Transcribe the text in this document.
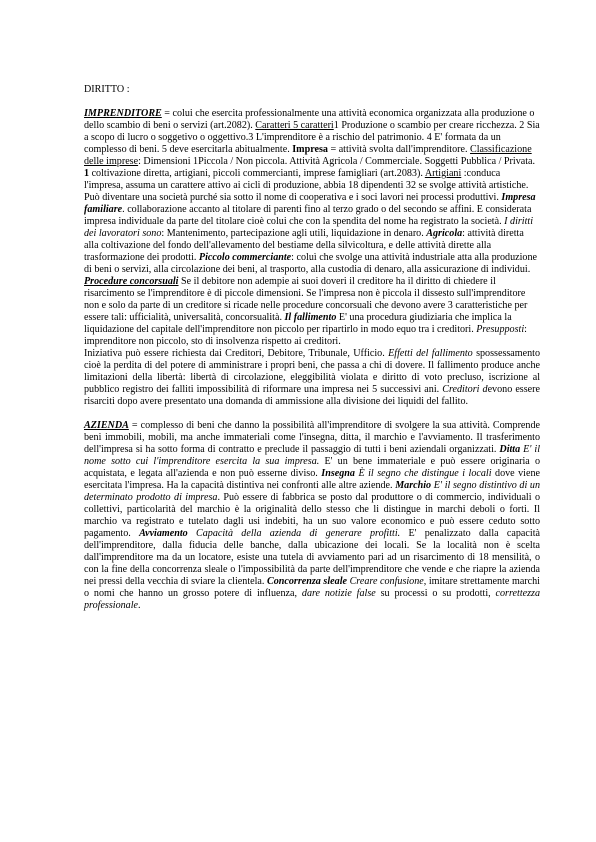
DIRITTO :

IMPRENDITORE = colui che esercita professionalmente una attività economica organizzata alla produzione o dello scambio di beni o servizi (art.2082). Caratteri 5 caratteri1 Produzione o scambio per creare ricchezza. 2 Sia a scopo di lucro o soggetivo o oggettivo.3 L'imprenditore è a rischio del patrimonio. 4 E' formata da un complesso di beni. 5 deve esercitarla abitualmente. Impresa = attività svolta dall'imprenditore. Classificazione delle imprese: Dimensioni 1Piccola / Non piccola. Attività Agricola / Commerciale. Soggetti Pubblica / Privata. 1 coltivazione diretta, artigiani, piccoli commercianti, imprese famigliari (art.2083). Artigiani :conduca l'impresa, assuma un carattere attivo ai cicli di produzione, abbia 18 dipendenti 32 se svolge attività artistiche. Può diventare una società purché sia sotto il nome di cooperativa e i soci lavori nei processi produttivi. Impresa familiare. collaborazione accanto al titolare di parenti fino al terzo grado o del secondo se affini. E considerata impresa individuale da parte del titolare cioè colui che con la spendita del nome ha registrato la società. I diritti dei lavoratori sono: Mantenimento, partecipazione agli utili, liquidazione in denaro. Agricola: attività diretta alla coltivazione del fondo dell'allevamento del bestiame della silvicoltura, e delle attività dirette alla trasformazione dei prodotti. Piccolo commerciante: coluì che svolge una attività industriale atta alla produzione di beni o servizi, alla circolazione dei beni, al trasporto, alla custodia di denaro, alla assicurazione di individui. Procedure concorsuali Se il debitore non adempie ai suoi doveri il creditore ha il diritto di chiedere il risarcimento se l'imprenditore è di piccole dimensioni. Se l'impresa non è piccola il dissesto sull'imprenditore non e solo da parte di un creditore si ricade nelle procedure concorsuali che devono avere 3 caratteristiche per essere tali: ufficialità, universalità, concorsualità. Il fallimento E' una procedura giudiziaria che implica la liquidazione del capitale dell'imprenditore non piccolo per ripartirlo in modo equo tra i creditori. Presupposti: imprenditore non piccolo, sto di insolvenza rispetto ai creditori.

Iniziativa può essere richiesta dai Creditori, Debitore, Tribunale, Ufficio. Effetti del fallimento spossessamento cioè la perdita di del potere di amministrare i propri beni, che passa a chi di dovere. Il fallimento produce anche limitazioni della libertà: libertà di circolazione, eleggibilità violata e diritto di voto precluso, iscrizione al pubblico registro dei falliti impossibilità di riformare una impresa nei 5 successivi ani. Creditori devono essere risarciti dopo avere presentato una domanda di ammissione alla divisione dei liquidi del fallito.

AZIENDA = complesso di beni che danno la possibilità all'imprenditore di svolgere la sua attività. Comprende beni immobili, mobili, ma anche immateriali come l'insegna, ditta, il marchio e l'avviamento. Il trasferimento dell'impresa si ha sotto forma di contratto e preclude il passaggio di tutti i beni aziendali organizzati. Ditta E' il nome sotto cui l'imprenditore esercita la sua impresa. E' un bene immateriale e può essere originaria o acquistata, e legata all'azienda e non può esserne diviso. Insegna È il segno che distingue i locali dove viene esercitata l'impresa. Ha la capacità distintiva nei confronti alle altre aziende. Marchio E' il segno distintivo di un determinato prodotto di impresa. Può essere di fabbrica se posto dal produttore o di commercio, individuali o collettivi, particolarità del marchio è la originalità dello stesso che li distingue in marchi deboli o forti. Il marchio va registrato e tutelato dagli usi indebiti, ha un suo valore economico e può essere ceduto sotto pagamento. Avviamento Capacità della azienda di generare profitti. E' penalizzato dalla capacità dell'imprenditore, dalla fiducia delle banche, dalla ubicazione dei locali. Se la località non è scelta dall'imprenditore ma da un locatore, esiste una tutela di avviamento pari ad un risarcimento di 18 mensilità, o con la fine della concorrenza sleale o l'impossibilità da parte dell'imprenditore che vende e che riapre la azienda nei pressi della vecchia di sviare la clientela. Concorrenza sleale Creare confusione, imitare strettamente marchi o nomi che hanno un grosso potere di influenza, dare notizie false su processi o su prodotti, correttezza professionale.
